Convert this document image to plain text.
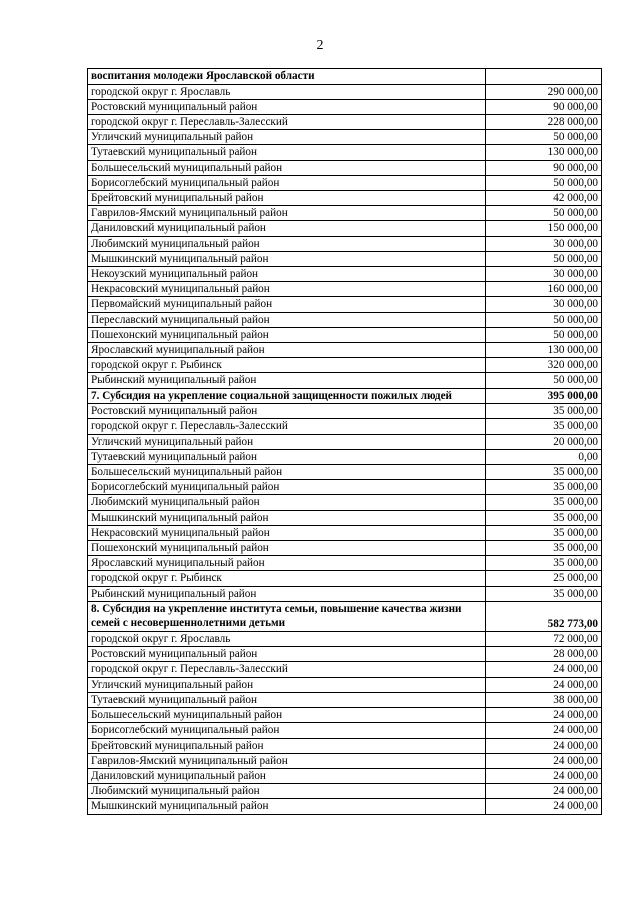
2
воспитания молодежи Ярославской области	
городской округ г. Ярославль	290 000,00
Ростовский муниципальный район	90 000,00
городской округ г. Переславль-Залесский	228 000,00
Угличский муниципальный район	50 000,00
Тутаевский муниципальный район	130 000,00
Большесельский муниципальный район	90 000,00
Борисоглебский муниципальный район	50 000,00
Брейтовский муниципальный район	42 000,00
Гаврилов-Ямский муниципальный район	50 000,00
Даниловский муниципальный район	150 000,00
Любимский муниципальный район	30 000,00
Мышкинский муниципальный район	50 000,00
Некоузский муниципальный район	30 000,00
Некрасовский муниципальный район	160 000,00
Первомайский муниципальный район	30 000,00
Переславский муниципальный район	50 000,00
Пошехонский муниципальный район	50 000,00
Ярославский муниципальный район	130 000,00
городской округ г. Рыбинск	320 000,00
Рыбинский муниципальный район	50 000,00
7. Субсидия на укрепление социальной защищенности пожилых людей	395 000,00
Ростовский муниципальный район	35 000,00
городской округ г. Переславль-Залесский	35 000,00
Угличский муниципальный район	20 000,00
Тутаевский муниципальный район	0,00
Большесельский муниципальный район	35 000,00
Борисоглебский муниципальный район	35 000,00
Любимский муниципальный район	35 000,00
Мышкинский муниципальный район	35 000,00
Некрасовский муниципальный район	35 000,00
Пошехонский муниципальный район	35 000,00
Ярославский муниципальный район	35 000,00
городской округ г. Рыбинск	25 000,00
Рыбинский муниципальный район	35 000,00
8. Субсидия на укрепление института семьи, повышение качества жизни семей с несовершеннолетними детьми	582 773,00
городской округ г. Ярославль	72 000,00
Ростовский муниципальный район	28 000,00
городской округ г. Переславль-Залесский	24 000,00
Угличский муниципальный район	24 000,00
Тутаевский муниципальный район	38 000,00
Большесельский муниципальный район	24 000,00
Борисоглебский муниципальный район	24 000,00
Брейтовский муниципальный район	24 000,00
Гаврилов-Ямский муниципальный район	24 000,00
Даниловский муниципальный район	24 000,00
Любимский муниципальный район	24 000,00
Мышкинский муниципальный район	24 000,00
